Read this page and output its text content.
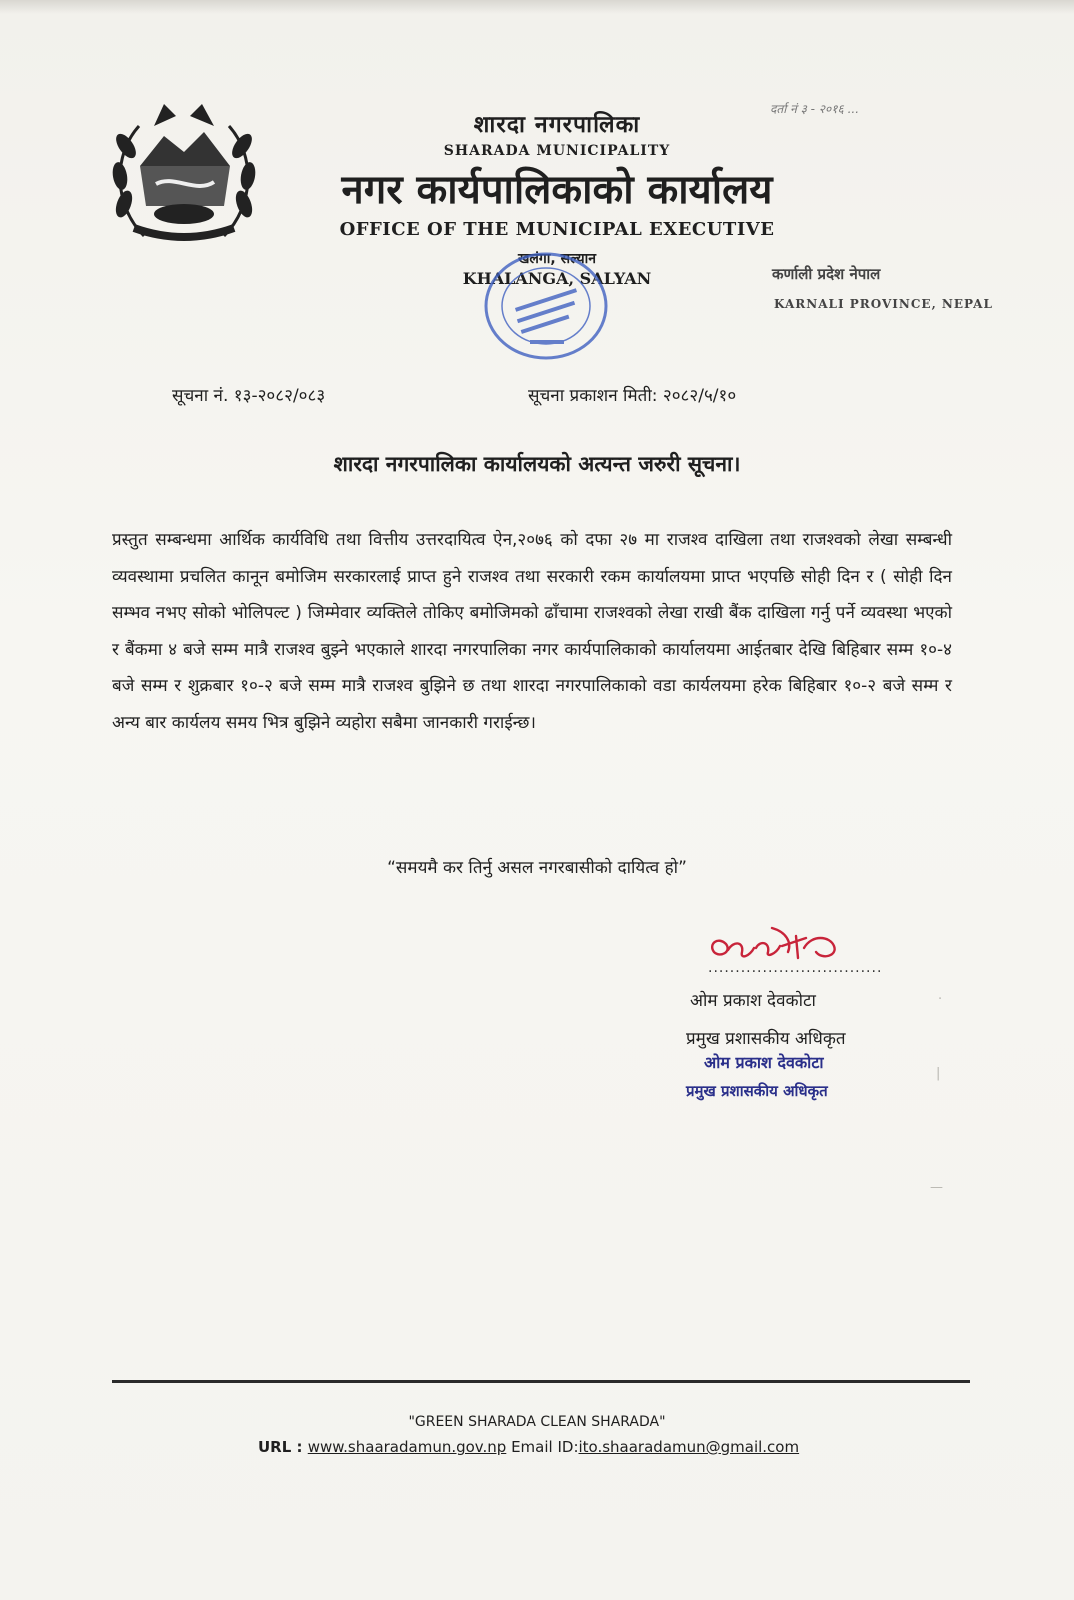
दर्ता नं ३ - २०१६ ...
शारदा नगरपालिका
SHARADA MUNICIPALITY
नगर कार्यपालिकाको कार्यालय
OFFICE OF THE MUNICIPAL EXECUTIVE
खलंगा, सल्यान
KHALANGA, SALYAN	कर्णाली प्रदेश नेपाल
KARNALI PROVINCE, NEPAL
सूचना नं. १३-२०८२/०८३	सूचना प्रकाशन मिती: २०८२/५/१०
शारदा नगरपालिका कार्यालयको अत्यन्त जरुरी सूचना।
प्रस्तुत सम्बन्धमा आर्थिक कार्यविधि तथा वित्तीय उत्तरदायित्व ऐन,२०७६ को दफा २७ मा राजश्व दाखिला तथा राजश्वको लेखा सम्बन्धी व्यवस्थामा प्रचलित कानून बमोजिम सरकारलाई प्राप्त हुने राजश्व तथा सरकारी रकम कार्यालयमा प्राप्त भएपछि सोही दिन र ( सोही दिन सम्भव नभए सोको भोलिपल्ट ) जिम्मेवार व्यक्तिले तोकिए बमोजिमको ढाँचामा राजश्वको लेखा राखी बैंक दाखिला गर्नु पर्ने व्यवस्था भएको र बैंकमा ४ बजे सम्म मात्रै राजश्व बुझ्ने भएकाले शारदा नगरपालिका नगर कार्यपालिकाको कार्यालयमा आईतबार देखि बिहिबार सम्म १०-४ बजे सम्म र शुक्रबार १०-२ बजे सम्म मात्रै राजश्व बुझिने छ तथा शारदा नगरपालिकाको वडा कार्यलयमा हरेक बिहिबार १०-२ बजे सम्म र अन्य बार कार्यलय समय भित्र बुझिने व्यहोरा सबैमा जानकारी गराईन्छ।
“समयमै कर तिर्नु असल नगरबासीको दायित्व हो”
................................
ओम प्रकाश देवकोटा
प्रमुख प्रशासकीय अधिकृत
ओम प्रकाश देवकोटा
प्रमुख प्रशासकीय अधिकृत
.
|
—
"GREEN SHARADA CLEAN SHARADA"
URL : www.shaaradamun.gov.np Email ID:ito.shaaradamun@gmail.com
